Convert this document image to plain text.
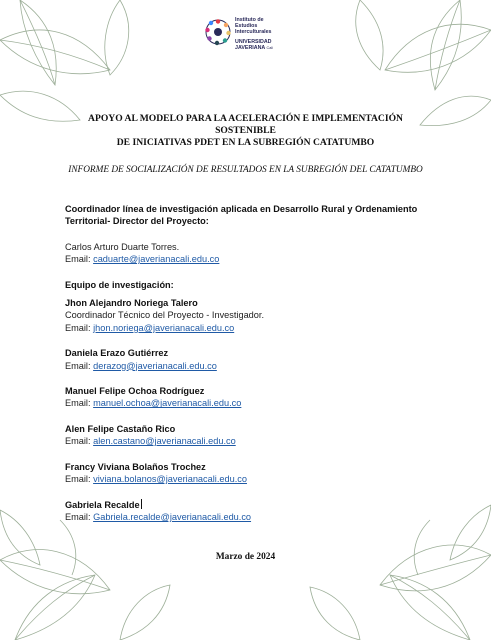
Instituto de
Estudios
Interculturales
UNIVERSIDAD
JAVERIANA Cali
APOYO AL MODELO PARA LA ACELERACIÓN E IMPLEMENTACIÓN SOSTENIBLE
DE INICIATIVAS PDET EN LA SUBREGIÓN CATATUMBO
INFORME DE SOCIALIZACIÓN DE RESULTADOS EN LA SUBREGIÓN DEL CATATUMBO

Coordinador línea de investigación aplicada en Desarrollo Rural y Ordenamiento

Territorial- Director del Proyecto:

Carlos Arturo Duarte Torres.

Email: caduarte@javerianacali.edu.co

Equipo de investigación:

Jhon Alejandro Noriega Talero

Coordinador Técnico del Proyecto - Investigador.

Email: jhon.noriega@javerianacali.edu.co

Daniela Erazo Gutiérrez

Email: derazog@javerianacali.edu.co

Manuel Felipe Ochoa Rodríguez

Email: manuel.ochoa@javerianacali.edu.co

Alen Felipe Castaño Rico

Email: alen.castano@javerianacali.edu.co

Francy Viviana Bolaños Trochez

Email: viviana.bolanos@javerianacali.edu.co

Gabriela Recalde

Email: Gabriela.recalde@javerianacali.edu.co

Marzo de 2024
